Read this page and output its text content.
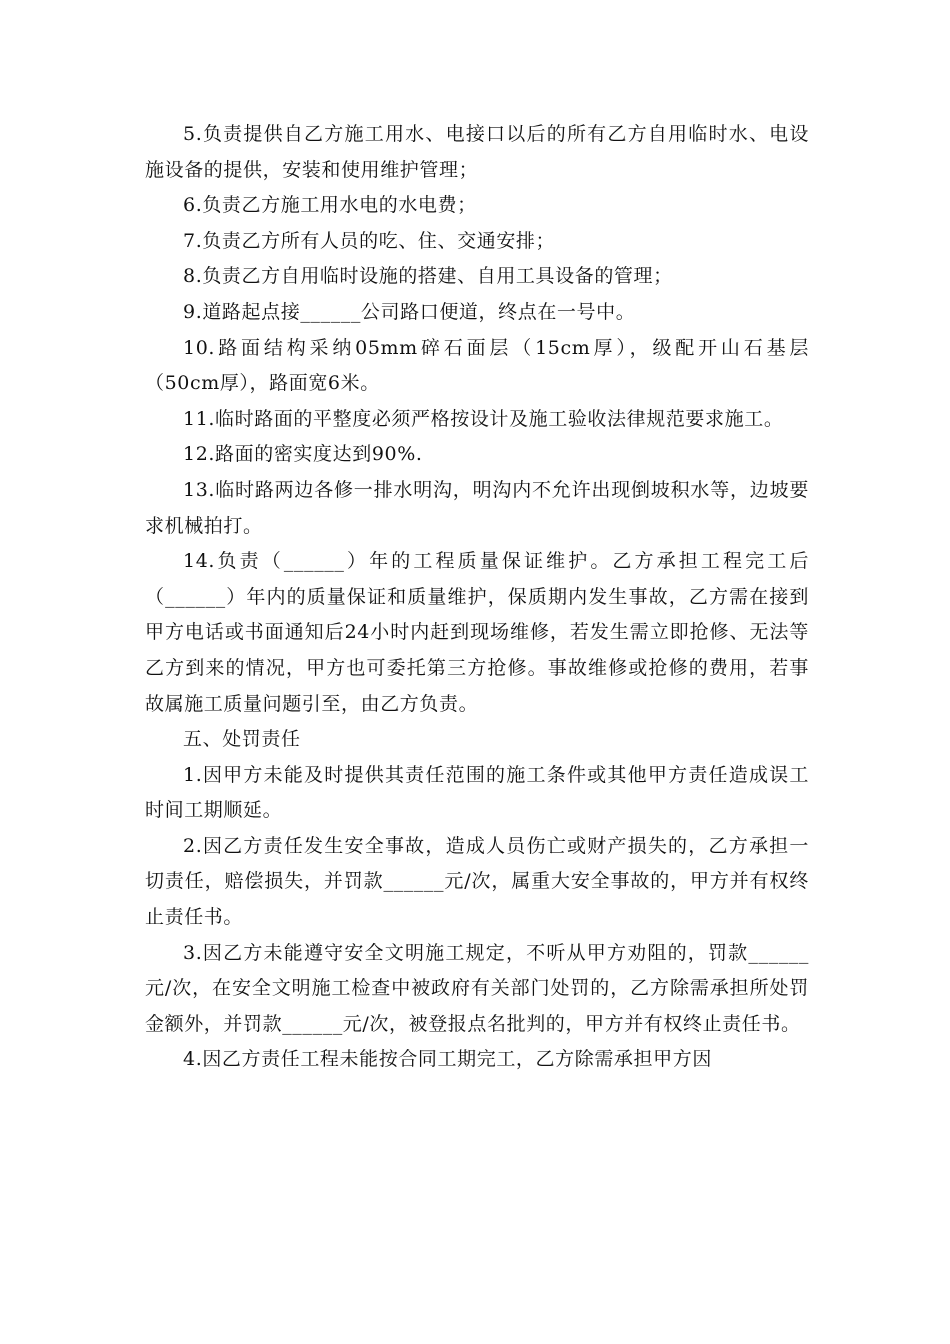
5.负责提供自乙方施工用水、电接口以后的所有乙方自用临时水、电设施设备的提供，安装和使用维护管理；

6.负责乙方施工用水电的水电费；

7.负责乙方所有人员的吃、住、交通安排；

8.负责乙方自用临时设施的搭建、自用工具设备的管理；

9.道路起点接______公司路口便道，终点在一号中。

10.路面结构采纳05mm碎石面层（15cm厚），级配开山石基层（50cm厚），路面宽6米。

11.临时路面的平整度必须严格按设计及施工验收法律规范要求施工。

12.路面的密实度达到90%.

13.临时路两边各修一排水明沟，明沟内不允许出现倒坡积水等，边坡要求机械拍打。

14.负责（______）年的工程质量保证维护。乙方承担工程完工后（______）年内的质量保证和质量维护，保质期内发生事故，乙方需在接到甲方电话或书面通知后24小时内赶到现场维修，若发生需立即抢修、无法等乙方到来的情况，甲方也可委托第三方抢修。事故维修或抢修的费用，若事故属施工质量问题引至，由乙方负责。

五、处罚责任

1.因甲方未能及时提供其责任范围的施工条件或其他甲方责任造成误工时间工期顺延。

2.因乙方责任发生安全事故，造成人员伤亡或财产损失的，乙方承担一切责任，赔偿损失，并罚款______元/次，属重大安全事故的，甲方并有权终止责任书。

3.因乙方未能遵守安全文明施工规定，不听从甲方劝阻的，罚款______元/次，在安全文明施工检查中被政府有关部门处罚的，乙方除需承担所处罚金额外，并罚款______元/次，被登报点名批判的，甲方并有权终止责任书。

4.因乙方责任工程未能按合同工期完工，乙方除需承担甲方因
